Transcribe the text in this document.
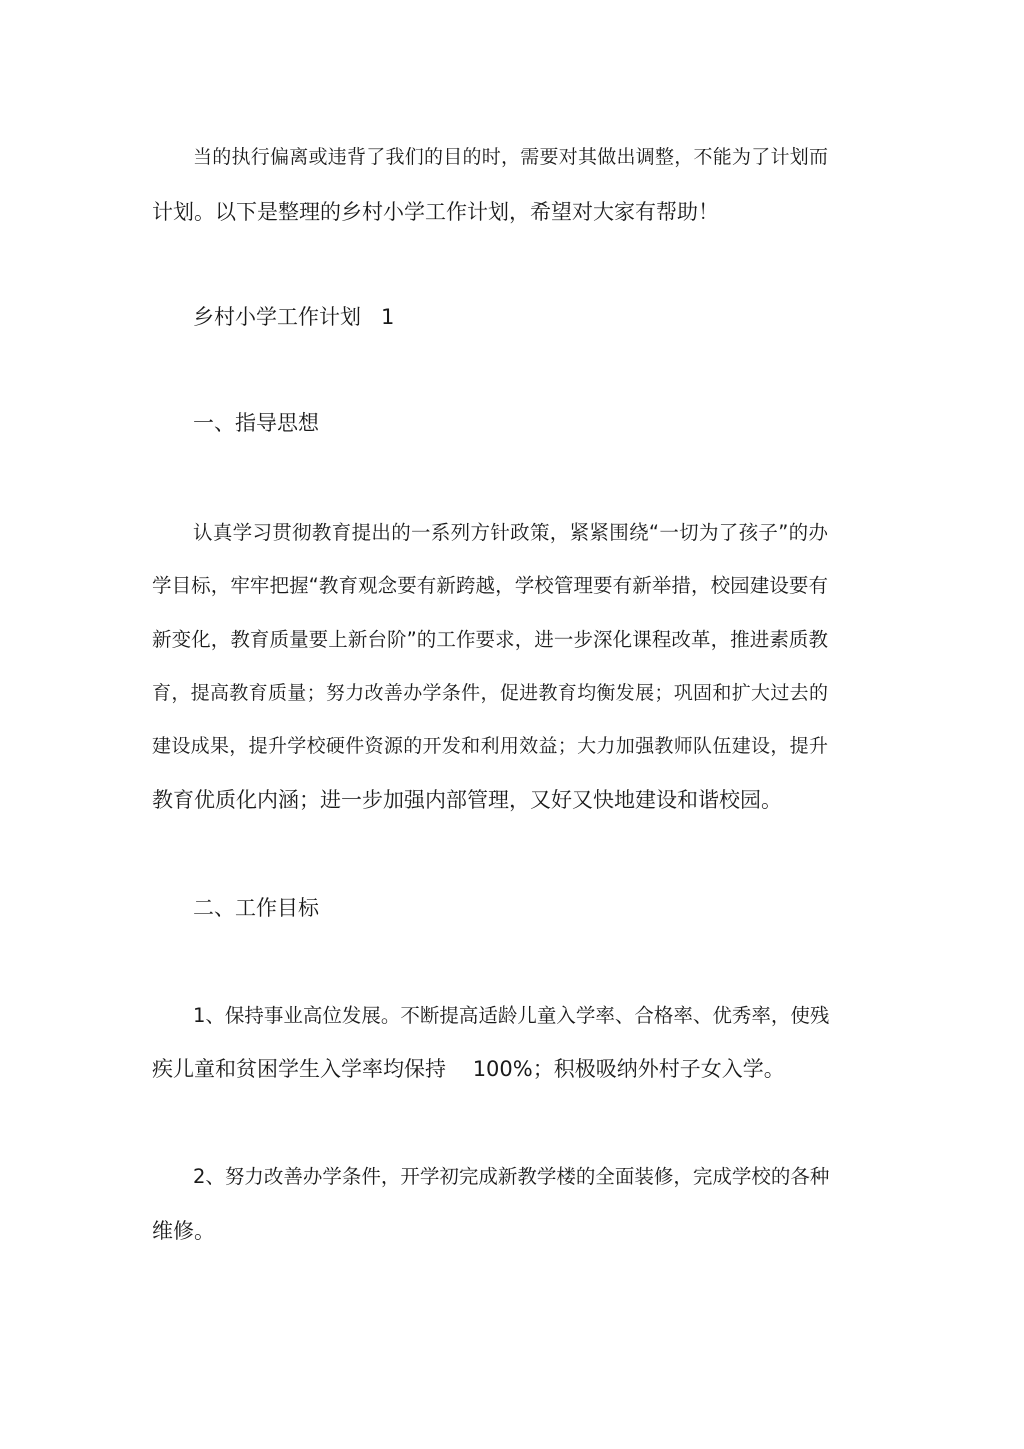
当的执行偏离或违背了我们的目的时，需要对其做出调整，不能为了计划而
计划。以下是整理的乡村小学工作计划，希望对大家有帮助！
乡村小学工作计划   1
一、指导思想
认真学习贯彻教育提出的一系列方针政策，紧紧围绕“一切为了孩子”的办
学目标，牢牢把握“教育观念要有新跨越，学校管理要有新举措，校园建设要有
新变化，教育质量要上新台阶”的工作要求，进一步深化课程改革，推进素质教
育，提高教育质量；努力改善办学条件，促进教育均衡发展；巩固和扩大过去的
建设成果，提升学校硬件资源的开发和利用效益；大力加强教师队伍建设，提升
教育优质化内涵；进一步加强内部管理，又好又快地建设和谐校园。
二、工作目标
1、保持事业高位发展。不断提高适龄儿童入学率、合格率、优秀率，使残
疾儿童和贫困学生入学率均保持    100%；积极吸纳外村子女入学。
2、努力改善办学条件，开学初完成新教学楼的全面装修，完成学校的各种
维修。
